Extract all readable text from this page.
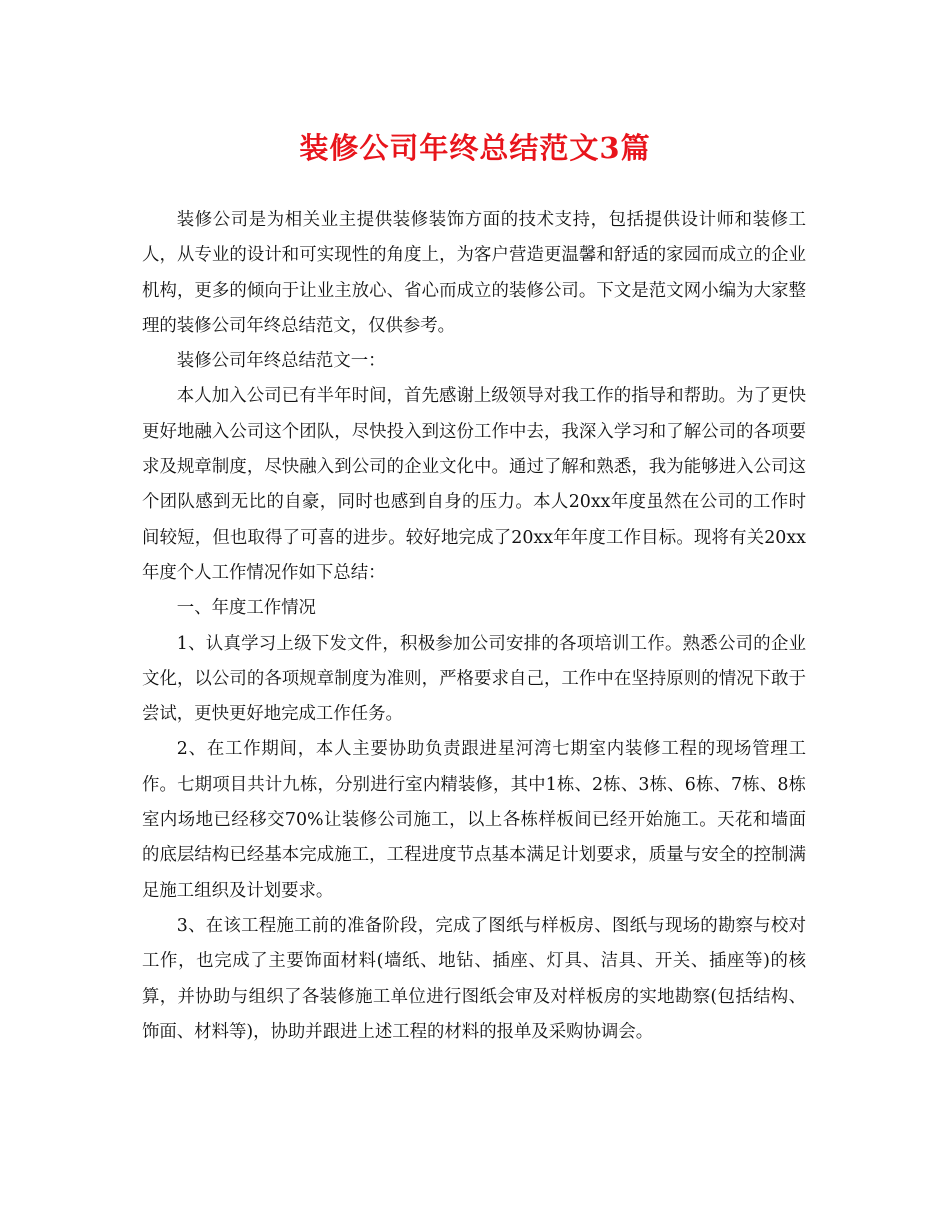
装修公司年终总结范文3篇

装修公司是为相关业主提供装修装饰方面的技术支持，包括提供设计师和装修工人，从专业的设计和可实现性的角度上，为客户营造更温馨和舒适的家园而成立的企业机构，更多的倾向于让业主放心、省心而成立的装修公司。下文是范文网小编为大家整理的装修公司年终总结范文，仅供参考。

装修公司年终总结范文一：

本人加入公司已有半年时间，首先感谢上级领导对我工作的指导和帮助。为了更快更好地融入公司这个团队，尽快投入到这份工作中去，我深入学习和了解公司的各项要求及规章制度，尽快融入到公司的企业文化中。通过了解和熟悉，我为能够进入公司这个团队感到无比的自豪，同时也感到自身的压力。本人20xx年度虽然在公司的工作时间较短，但也取得了可喜的进步。较好地完成了20xx年年度工作目标。现将有关20xx年度个人工作情况作如下总结：

一、年度工作情况

1、认真学习上级下发文件，积极参加公司安排的各项培训工作。熟悉公司的企业文化，以公司的各项规章制度为准则，严格要求自己，工作中在坚持原则的情况下敢于尝试，更快更好地完成工作任务。

2、在工作期间，本人主要协助负责跟进星河湾七期室内装修工程的现场管理工作。七期项目共计九栋，分别进行室内精装修，其中1栋、2栋、3栋、6栋、7栋、8栋室内场地已经移交70%让装修公司施工，以上各栋样板间已经开始施工。天花和墙面的底层结构已经基本完成施工，工程进度节点基本满足计划要求，质量与安全的控制满足施工组织及计划要求。

3、在该工程施工前的准备阶段，完成了图纸与样板房、图纸与现场的勘察与校对工作，也完成了主要饰面材料(墙纸、地钻、插座、灯具、洁具、开关、插座等)的核算，并协助与组织了各装修施工单位进行图纸会审及对样板房的实地勘察(包括结构、饰面、材料等)，协助并跟进上述工程的材料的报单及采购协调会。
